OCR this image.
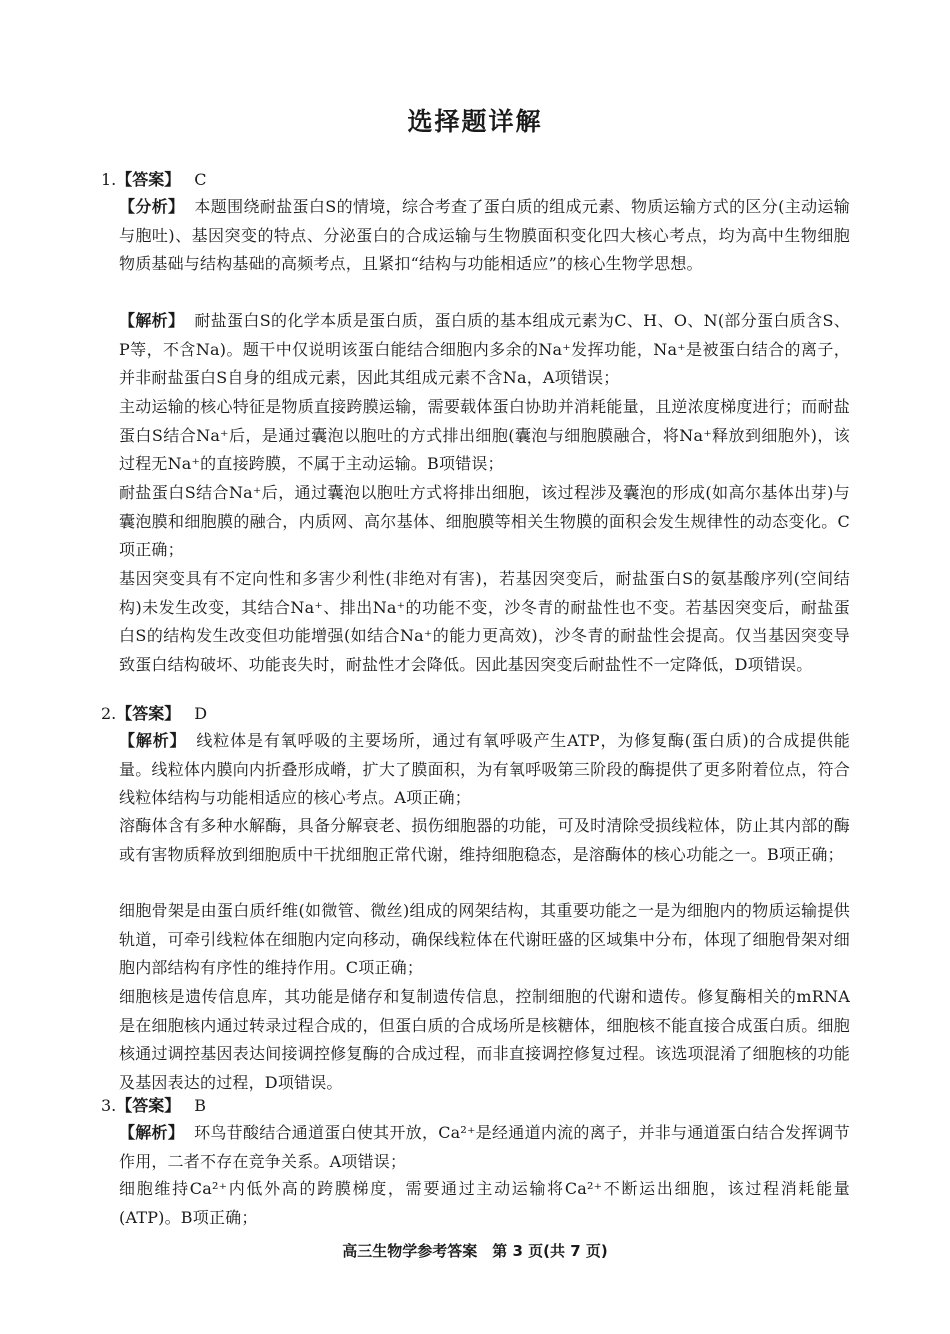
选择题详解
1.【答案】 C
【分析】 本题围绕耐盐蛋白S的情境，综合考查了蛋白质的组成元素、物质运输方式的区分(主动运输与胞吐)、基因突变的特点、分泌蛋白的合成运输与生物膜面积变化四大核心考点，均为高中生物细胞物质基础与结构基础的高频考点，且紧扣“结构与功能相适应”的核心生物学思想。
【解析】 耐盐蛋白S的化学本质是蛋白质，蛋白质的基本组成元素为C、H、O、N(部分蛋白质含S、P等，不含Na)。题干中仅说明该蛋白能结合细胞内多余的Na⁺发挥功能，Na⁺是被蛋白结合的离子，并非耐盐蛋白S自身的组成元素，因此其组成元素不含Na，A项错误；
主动运输的核心特征是物质直接跨膜运输，需要载体蛋白协助并消耗能量，且逆浓度梯度进行；而耐盐蛋白S结合Na⁺后，是通过囊泡以胞吐的方式排出细胞(囊泡与细胞膜融合，将Na⁺释放到细胞外)，该过程无Na⁺的直接跨膜，不属于主动运输。B项错误；
耐盐蛋白S结合Na⁺后，通过囊泡以胞吐方式将排出细胞，该过程涉及囊泡的形成(如高尔基体出芽)与囊泡膜和细胞膜的融合，内质网、高尔基体、细胞膜等相关生物膜的面积会发生规律性的动态变化。C项正确；
基因突变具有不定向性和多害少利性(非绝对有害)，若基因突变后，耐盐蛋白S的氨基酸序列(空间结构)未发生改变，其结合Na⁺、排出Na⁺的功能不变，沙冬青的耐盐性也不变。若基因突变后，耐盐蛋白S的结构发生改变但功能增强(如结合Na⁺的能力更高效)，沙冬青的耐盐性会提高。仅当基因突变导致蛋白结构破坏、功能丧失时，耐盐性才会降低。因此基因突变后耐盐性不一定降低，D项错误。
2.【答案】 D
【解析】 线粒体是有氧呼吸的主要场所，通过有氧呼吸产生ATP，为修复酶(蛋白质)的合成提供能量。线粒体内膜向内折叠形成嵴，扩大了膜面积，为有氧呼吸第三阶段的酶提供了更多附着位点，符合线粒体结构与功能相适应的核心考点。A项正确；
溶酶体含有多种水解酶，具备分解衰老、损伤细胞器的功能，可及时清除受损线粒体，防止其内部的酶或有害物质释放到细胞质中干扰细胞正常代谢，维持细胞稳态，是溶酶体的核心功能之一。B项正确；
细胞骨架是由蛋白质纤维(如微管、微丝)组成的网架结构，其重要功能之一是为细胞内的物质运输提供轨道，可牵引线粒体在细胞内定向移动，确保线粒体在代谢旺盛的区域集中分布，体现了细胞骨架对细胞内部结构有序性的维持作用。C项正确；
细胞核是遗传信息库，其功能是储存和复制遗传信息，控制细胞的代谢和遗传。修复酶相关的mRNA是在细胞核内通过转录过程合成的，但蛋白质的合成场所是核糖体，细胞核不能直接合成蛋白质。细胞核通过调控基因表达间接调控修复酶的合成过程，而非直接调控修复过程。该选项混淆了细胞核的功能及基因表达的过程，D项错误。
3.【答案】 B
【解析】 环鸟苷酸结合通道蛋白使其开放，Ca²⁺是经通道内流的离子，并非与通道蛋白结合发挥调节作用，二者不存在竞争关系。A项错误；
细胞维持Ca²⁺内低外高的跨膜梯度，需要通过主动运输将Ca²⁺不断运出细胞，该过程消耗能量(ATP)。B项正确；
高三生物学参考答案　第 3 页(共 7 页)
